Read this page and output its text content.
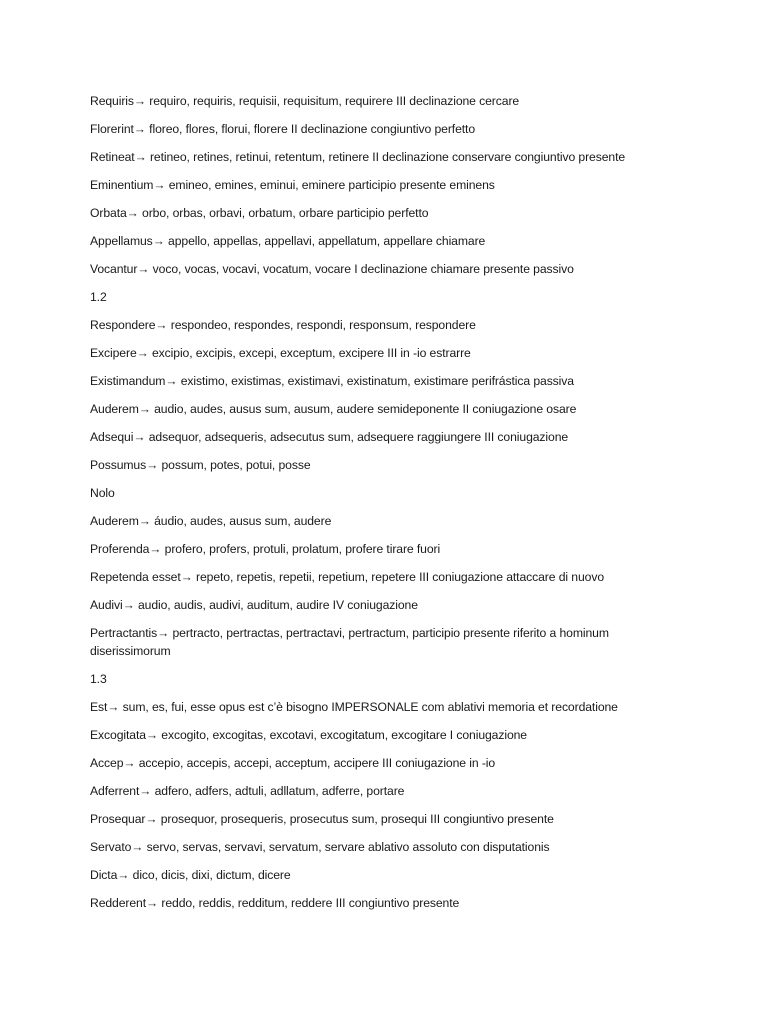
Requiris→ requiro, requiris, requisii, requisitum, requirere III declinazione cercare

Florerint→ floreo, flores, florui, florere II declinazione congiuntivo perfetto

Retineat→ retineo, retines, retinui, retentum, retinere II declinazione conservare congiuntivo presente

Eminentium→ emineo, emines, eminui, eminere participio presente eminens

Orbata→ orbo, orbas, orbavi, orbatum, orbare participio perfetto

Appellamus→ appello, appellas, appellavi, appellatum, appellare chiamare

Vocantur→ voco, vocas, vocavi, vocatum, vocare I declinazione chiamare presente passivo

1.2

Respondere→ respondeo, respondes, respondi, responsum, respondere

Excipere→ excipio, excipis, excepi, exceptum, excipere III in -io estrarre

Existimandum→ existimo, existimas, existimavi, existinatum, existimare perifrástica passiva

Auderem→ audio, audes, ausus sum, ausum, audere semideponente II coniugazione osare

Adsequi→ adsequor, adsequeris, adsecutus sum, adsequere raggiungere III coniugazione

Possumus→ possum, potes, potui, posse

Nolo

Auderem→ áudio, audes, ausus sum, audere

Proferenda→ profero, profers, protuli, prolatum, profere tirare fuori

Repetenda esset→ repeto, repetis, repetii, repetium, repetere III coniugazione attaccare di nuovo

Audivi→ audio, audis, audivi, auditum, audire IV coniugazione

Pertractantis→ pertracto, pertractas, pertractavi, pertractum, participio presente riferito a hominum diserissimorum

1.3

Est→ sum, es, fui, esse opus est c’è bisogno IMPERSONALE com ablativi memoria et recordatione

Excogitata→ excogito, excogitas, excotavi, excogitatum, excogitare I coniugazione

Accep→ accepio, accepis, accepi, acceptum, accipere III coniugazione in -io

Adferrent→ adfero, adfers, adtuli, adllatum, adferre, portare

Prosequar→ prosequor, prosequeris, prosecutus sum, prosequi III congiuntivo presente

Servato→ servo, servas, servavi, servatum, servare ablativo assoluto con disputationis

Dicta→ dico, dicis, dixi, dictum, dicere

Redderent→ reddo, reddis, redditum, reddere III congiuntivo presente
